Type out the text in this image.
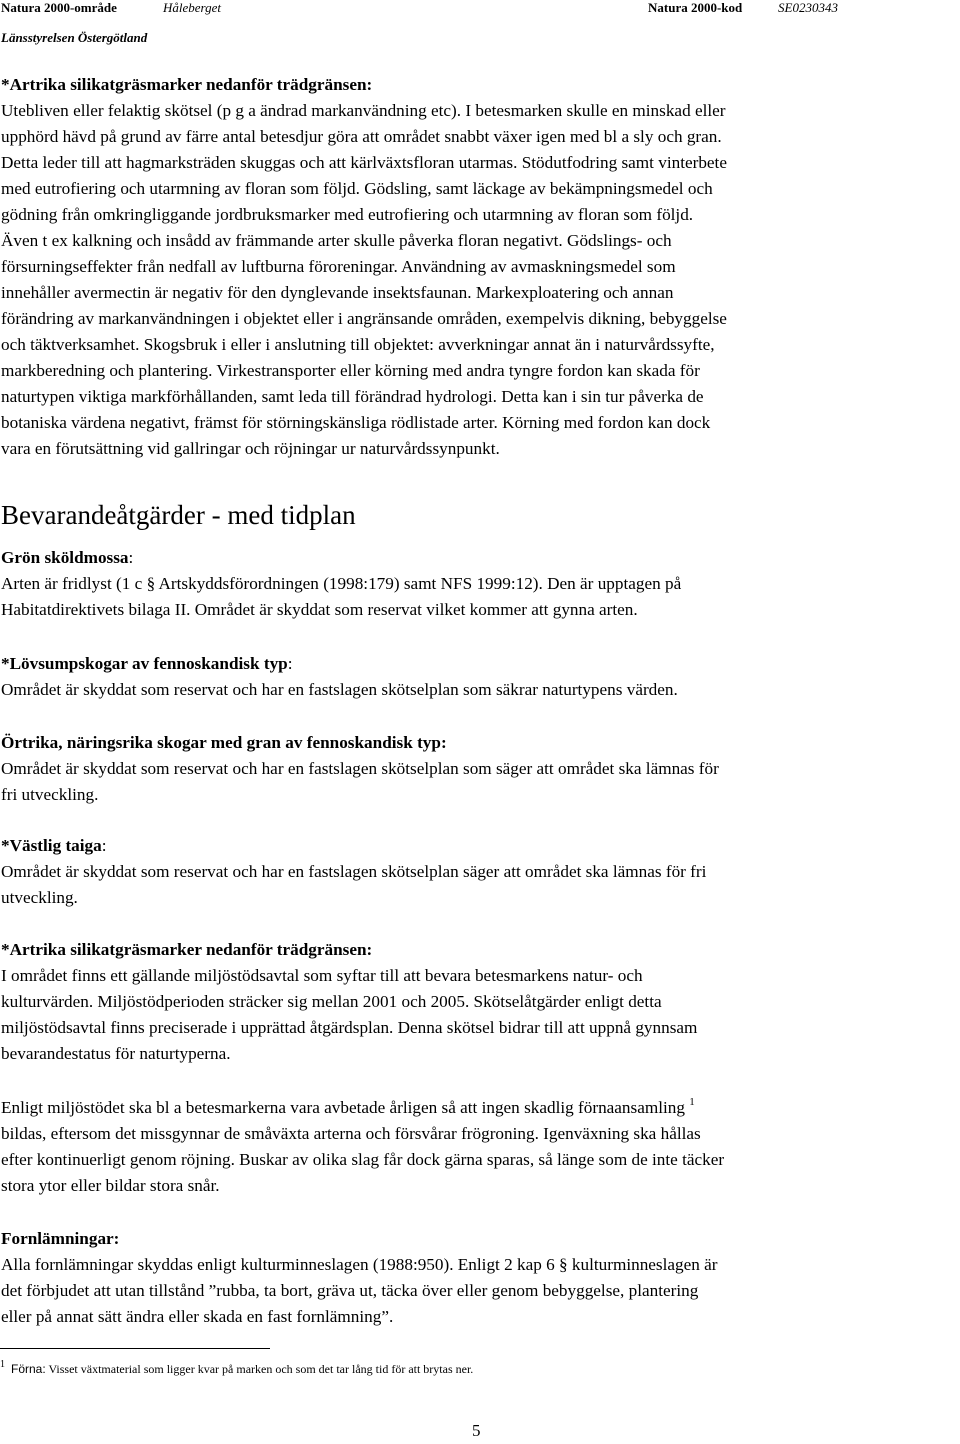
Natura 2000-område	Håleberget	Natura 2000-kod	SE0230343
Länsstyrelsen Östergötland
*Artrika silikatgräsmarker nedanför trädgränsen:
Utebliven eller felaktig skötsel (p g a ändrad markanvändning etc). I betesmarken skulle en minskad eller
upphörd hävd på grund av färre antal betesdjur göra att området snabbt växer igen med bl a sly och gran.
Detta leder till att hagmarksträden skuggas och att kärlväxtsfloran utarmas. Stödutfodring samt vinterbete
med eutrofiering och utarmning av floran som följd. Gödsling, samt läckage av bekämpningsmedel och
gödning från omkringliggande jordbruksmarker med eutrofiering och utarmning av floran som följd.
Även t ex kalkning och insådd av främmande arter skulle påverka floran negativt. Gödslings- och
försurningseffekter från nedfall av luftburna föroreningar. Användning av avmaskningsmedel som
innehåller avermectin är negativ för den dynglevande insektsfaunan. Markexploatering och annan
förändring av markanvändningen i objektet eller i angränsande områden, exempelvis dikning, bebyggelse
och täktverksamhet. Skogsbruk i eller i anslutning till objektet: avverkningar annat än i naturvårdssyfte,
markberedning och plantering. Virkestransporter eller körning med andra tyngre fordon kan skada för
naturtypen viktiga markförhållanden, samt leda till förändrad hydrologi. Detta kan i sin tur påverka de
botaniska värdena negativt, främst för störningskänsliga rödlistade arter. Körning med fordon kan dock
vara en förutsättning vid gallringar och röjningar ur naturvårdssynpunkt.
Bevarandeåtgärder - med tidplan
Grön sköldmossa:
Arten är fridlyst (1 c § Artskyddsförordningen (1998:179) samt NFS 1999:12). Den är upptagen på
Habitatdirektivets bilaga II. Området är skyddat som reservat vilket kommer att gynna arten.
*Lövsumpskogar av fennoskandisk typ:
Området är skyddat som reservat och har en fastslagen skötselplan som säkrar naturtypens värden.
Örtrika, näringsrika skogar med gran av fennoskandisk typ:
Området är skyddat som reservat och har en fastslagen skötselplan som säger att området ska lämnas för
fri utveckling.
*Västlig taiga:
Området är skyddat som reservat och har en fastslagen skötselplan säger att området ska lämnas för fri
utveckling.
*Artrika silikatgräsmarker nedanför trädgränsen:
I området finns ett gällande miljöstödsavtal som syftar till att bevara betesmarkens natur- och
kulturvärden. Miljöstödperioden sträcker sig mellan 2001 och 2005. Skötselåtgärder enligt detta
miljöstödsavtal finns preciserade i upprättad åtgärdsplan. Denna skötsel bidrar till att uppnå gynnsam
bevarandestatus för naturtyperna.
Enligt miljöstödet ska bl a betesmarkerna vara avbetade årligen så att ingen skadlig förnaansamling $^1$
bildas, eftersom det missgynnar de småväxta arterna och försvårar frögroning. Igenväxning ska hållas
efter kontinuerligt genom röjning. Buskar av olika slag får dock gärna sparas, så länge som de inte täcker
stora ytor eller bildar stora snår.
Fornlämningar:
Alla fornlämningar skyddas enligt kulturminneslagen (1988:950). Enligt 2 kap 6 § kulturminneslagen är
det förbjudet att utan tillstånd ”rubba, ta bort, gräva ut, täcka över eller genom bebyggelse, plantering
eller på annat sätt ändra eller skada en fast fornlämning”.
$^1$ Förna: Visset växtmaterial som ligger kvar på marken och som det tar lång tid för att brytas ner.
5
